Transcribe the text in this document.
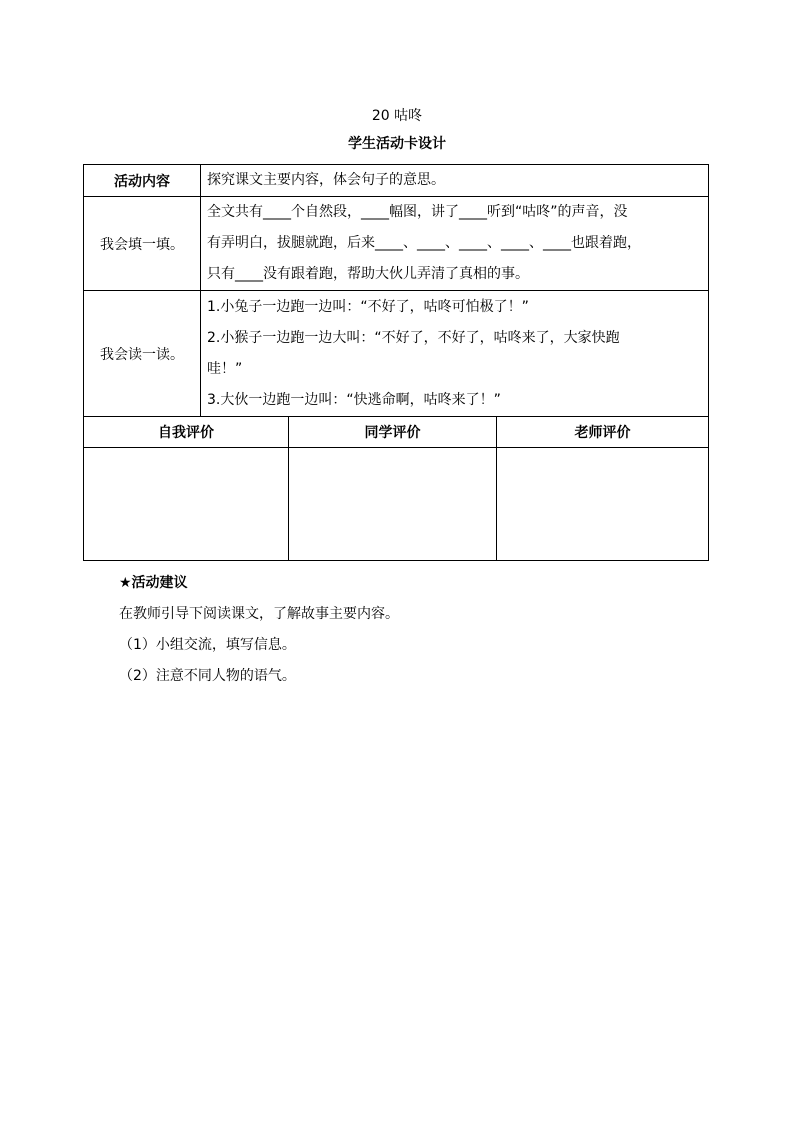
20 咕咚
学生活动卡设计
活动内容	探究课文主要内容，体会句子的意思。		
我会填一填。	全文共有____个自然段，____幅图，讲了____听到“咕咚”的声音，没
有弄明白，拔腿就跑，后来____、____、____、____、____也跟着跑，
只有____没有跟着跑，帮助大伙儿弄清了真相的事。		

我会读一读。	1.小兔子一边跑一边叫：“不好了，咕咚可怕极了！”
2.小猴子一边跑一边大叫：“不好了，不好了，咕咚来了，大家快跑
哇！”
3.大伙一边跑一边叫：“快逃命啊，咕咚来了！”		

自我评价		同学评价	老师评价

★活动建议
在教师引导下阅读课文，了解故事主要内容。
（1）小组交流，填写信息。
（2）注意不同人物的语气。
